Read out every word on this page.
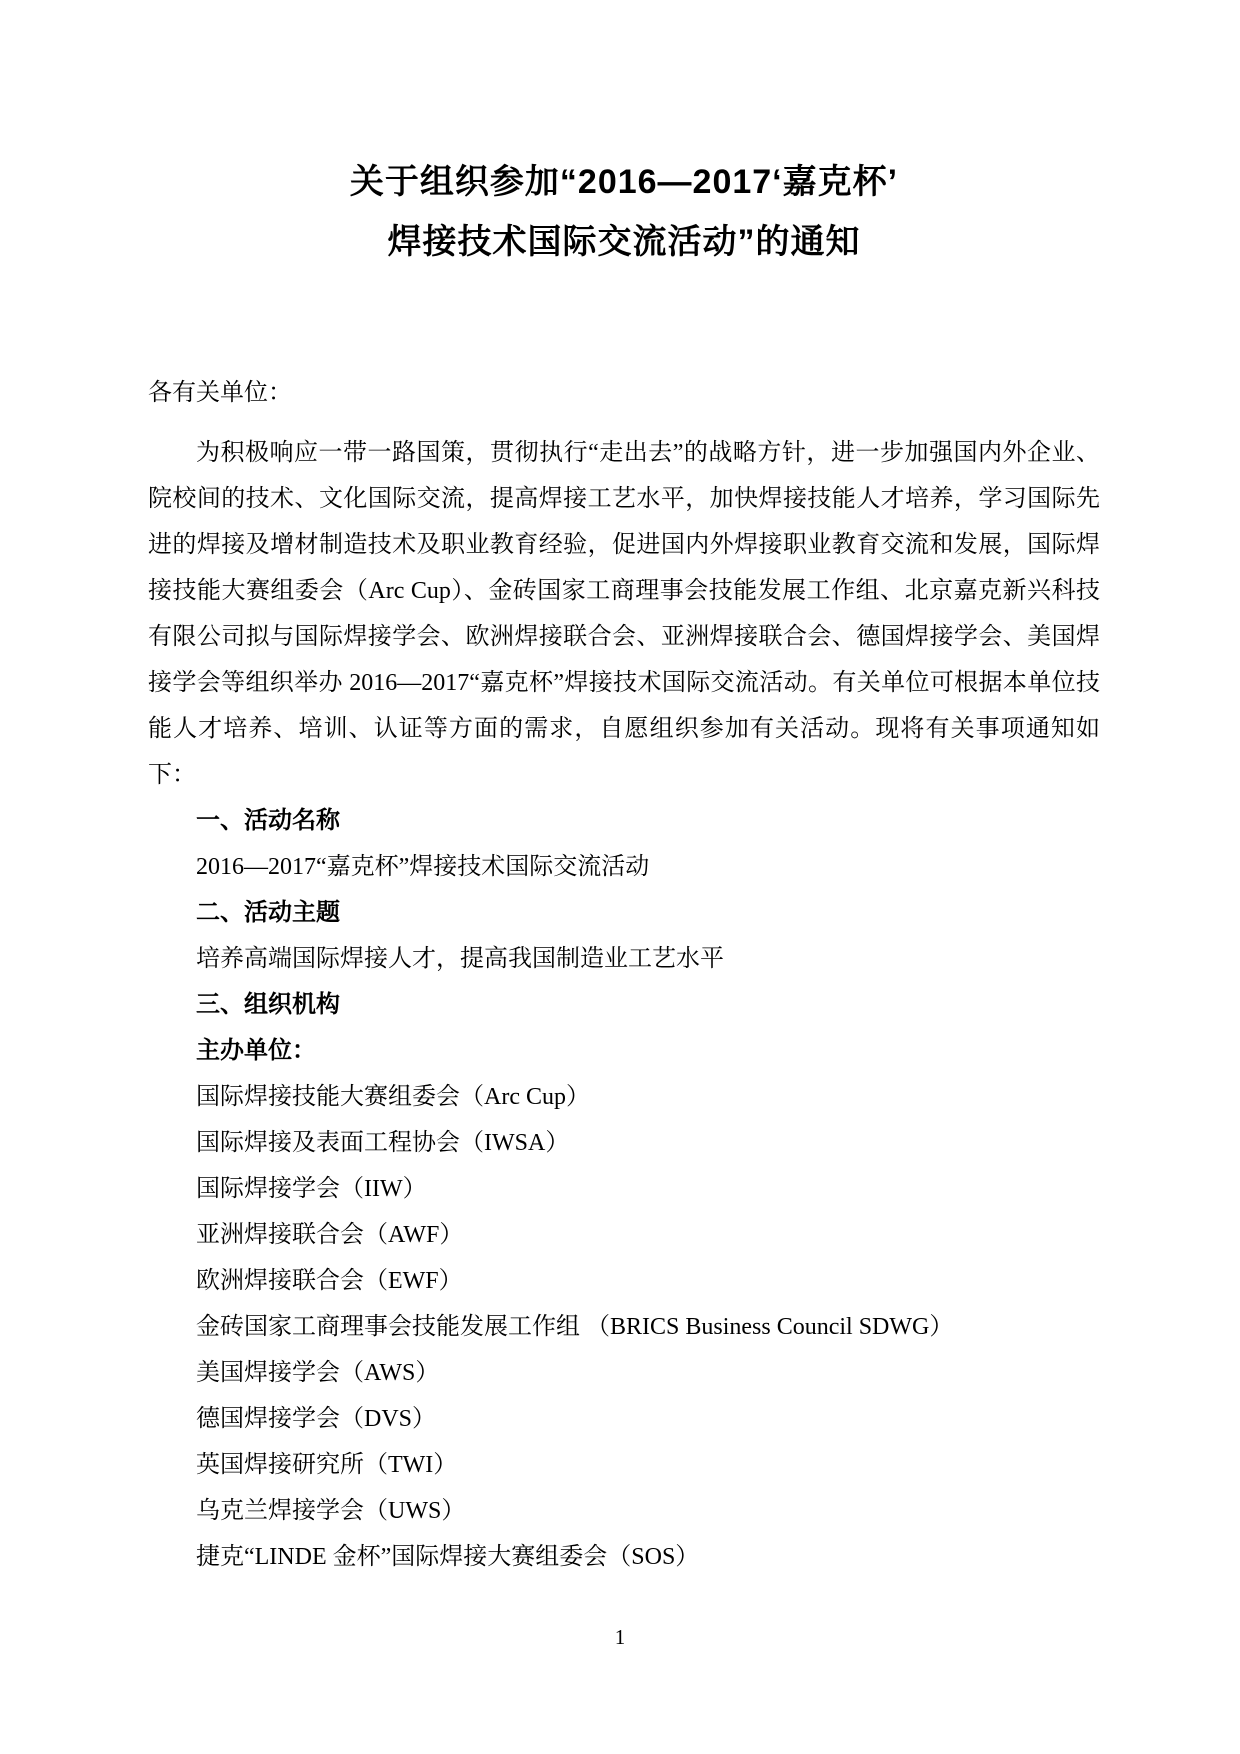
关于组织参加“2016—2017‘嘉克杯’
焊接技术国际交流活动”的通知

各有关单位：

为积极响应一带一路国策，贯彻执行“走出去”的战略方针，进一步加强国内外企业、院校间的技术、文化国际交流，提高焊接工艺水平，加快焊接技能人才培养，学习国际先进的焊接及增材制造技术及职业教育经验，促进国内外焊接职业教育交流和发展，国际焊接技能大赛组委会（Arc Cup）、金砖国家工商理事会技能发展工作组、北京嘉克新兴科技有限公司拟与国际焊接学会、欧洲焊接联合会、亚洲焊接联合会、德国焊接学会、美国焊接学会等组织举办 2016—2017“嘉克杯”焊接技术国际交流活动。有关单位可根据本单位技能人才培养、培训、认证等方面的需求，自愿组织参加有关活动。现将有关事项通知如下：

一、活动名称

2016—2017“嘉克杯”焊接技术国际交流活动

二、活动主题

培养高端国际焊接人才，提高我国制造业工艺水平

三、组织机构
主办单位：
国际焊接技能大赛组委会（Arc Cup）
国际焊接及表面工程协会（IWSA）
国际焊接学会（IIW）
亚洲焊接联合会（AWF）
欧洲焊接联合会（EWF）
金砖国家工商理事会技能发展工作组 （BRICS Business Council SDWG）
美国焊接学会（AWS）
德国焊接学会（DVS）
英国焊接研究所（TWI）
乌克兰焊接学会（UWS）
捷克“LINDE 金杯”国际焊接大赛组委会（SOS）
1
